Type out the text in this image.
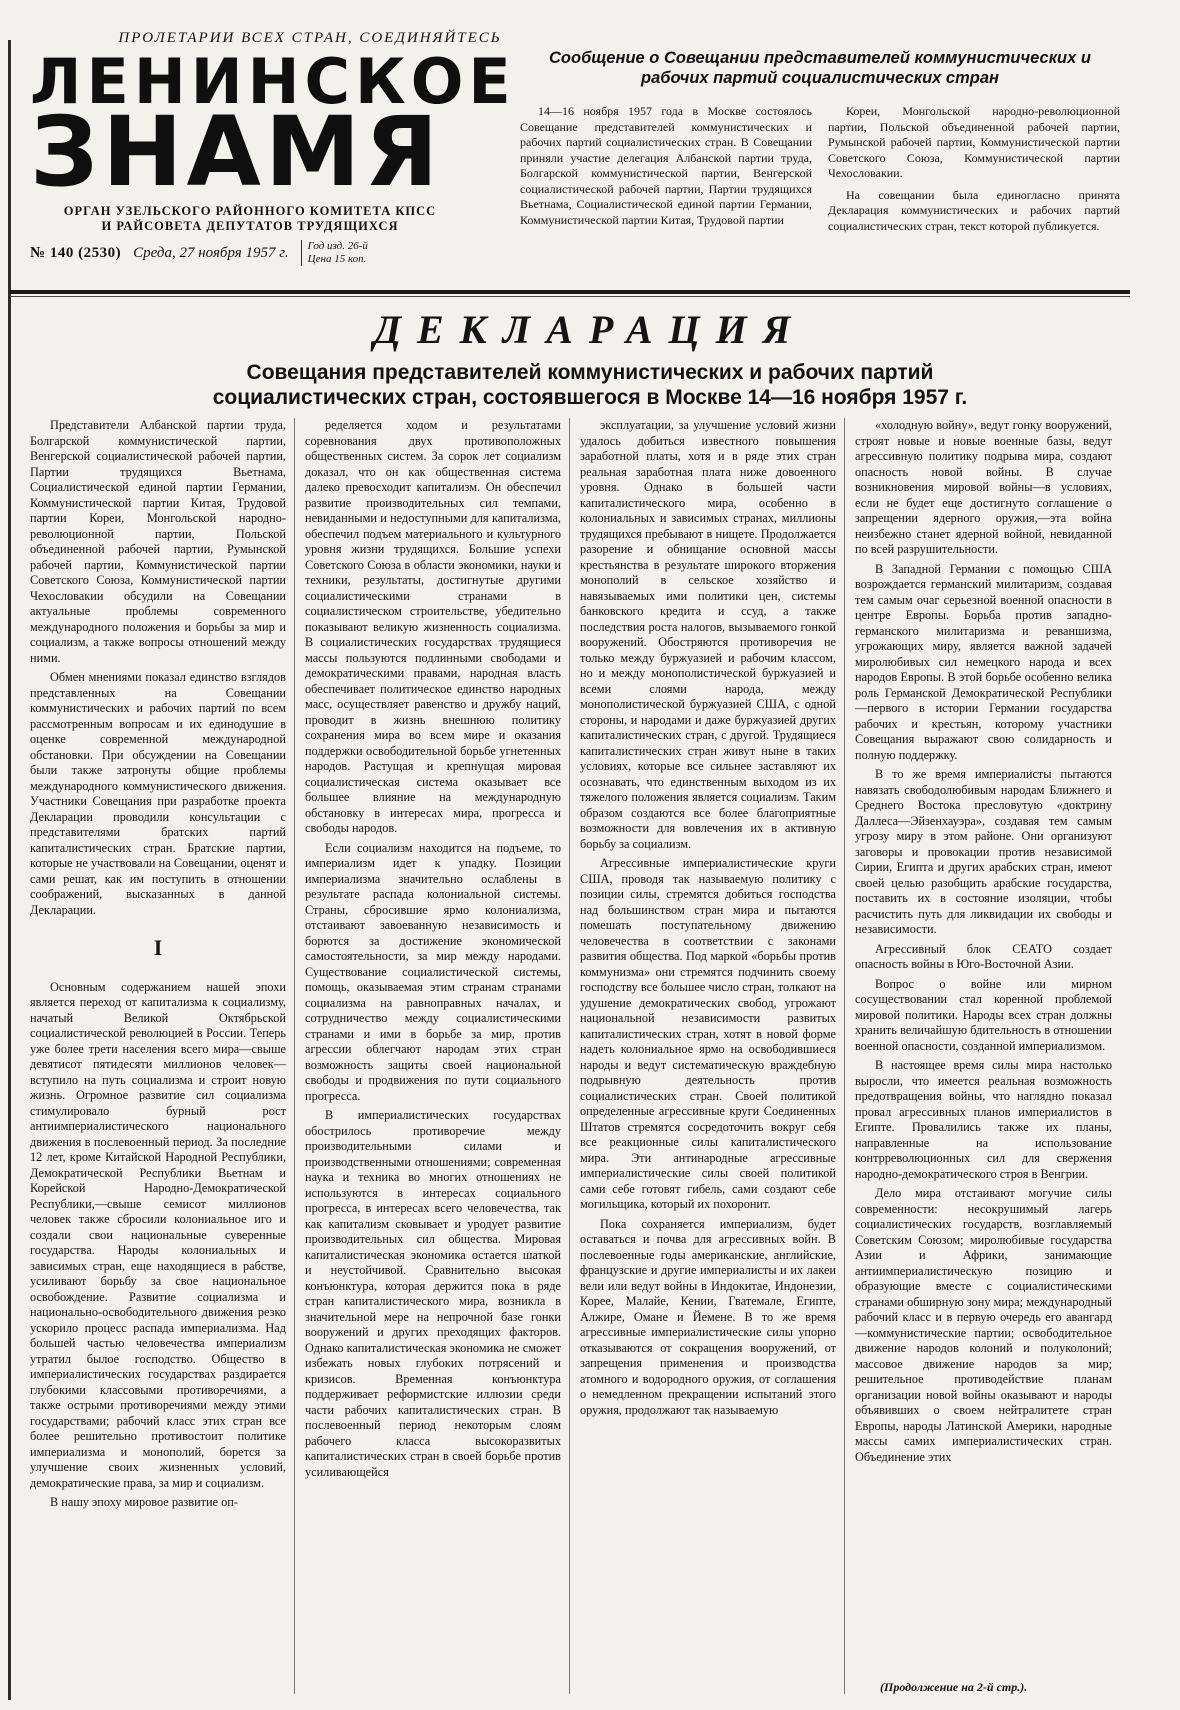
ПРОЛЕТАРИИ ВСЕХ СТРАН, СОЕДИНЯЙТЕСЬ
ЛЕНИНСКОЕ
ЗНАМЯ
ОРГАН УЗЕЛЬСКОГО РАЙОННОГО КОМИТЕТА КПСС
И РАЙСОВЕТА ДЕПУТАТОВ ТРУДЯЩИХСЯ
№ 140 (2530) Среда, 27 ноября 1957 г. Год изд. 26-й
Цена 15 коп.
Сообщение о Совещании представителей коммунистических и рабочих партий социалистических стран

14—16 ноября 1957 года в Москве состоялось Совещание представителей коммунистических и рабочих партий социалистических стран. В Совещании приняли участие делегация Албанской партии труда, Болгарской коммунистической партии, Венгерской социалистической рабочей партии, Партии трудящихся Вьетнама, Социалистической единой партии Германии, Коммунистической партии Китая, Трудовой партии

Кореи, Монгольской народно-революционной партии, Польской объединенной рабочей партии, Румынской рабочей партии, Коммунистической партии Советского Союза, Коммунистической партии Чехословакии.

На совещании была единогласно принята Декларация коммунистических и рабочих партий социалистических стран, текст которой публикуется.

ДЕКЛАРАЦИЯ
Совещания представителей коммунистических и рабочих партий социалистических стран, состоявшегося в Москве 14—16 ноября 1957 г.

Представители Албанской партии труда, Болгарской коммунистической партии, Венгерской социалистической рабочей партии, Партии трудящихся Вьетнама, Социалистической единой партии Германии, Коммунистической партии Китая, Трудовой партии Кореи, Монгольской народно-революционной партии, Польской объединенной рабочей партии, Румынской рабочей партии, Коммунистической партии Советского Союза, Коммунистической партии Чехословакии обсудили на Совещании актуальные проблемы современного международного положения и борьбы за мир и социализм, а также вопросы отношений между ними.

Обмен мнениями показал единство взглядов представленных на Совещании коммунистических и рабочих партий по всем рассмотренным вопросам и их единодушие в оценке современной международной обстановки. При обсуждении на Совещании были также затронуты общие проблемы международного коммунистического движения. Участники Совещания при разработке проекта Декларации проводили консультации с представителями братских партий капиталистических стран. Братские партии, которые не участвовали на Совещании, оценят и сами решат, как им поступить в отношении соображений, высказанных в данной Декларации.

I

Основным содержанием нашей эпохи является переход от капитализма к социализму, начатый Великой Октябрьской социалистической революцией в России. Теперь уже более трети населения всего мира—свыше девятисот пятидесяти миллионов человек—вступило на путь социализма и строит новую жизнь. Огромное развитие сил социализма стимулировало бурный рост антиимпериалистического национального движения в послевоенный период. За последние 12 лет, кроме Китайской Народной Республики, Демократической Республики Вьетнам и Корейской Народно-Демократической Республики,—свыше семисот миллионов человек также сбросили колониальное иго и создали свои национальные суверенные государства. Народы колониальных и зависимых стран, еще находящиеся в рабстве, усиливают борьбу за свое национальное освобождение. Развитие социализма и национально-освободительного движения резко ускорило процесс распада империализма. Над большей частью человечества империализм утратил былое господство. Общество в империалистических государствах раздирается глубокими классовыми противоречиями, а также острыми противоречиями между этими государствами; рабочий класс этих стран все более решительно противостоит политике империализма и монополий, борется за улучшение своих жизненных условий, демократические права, за мир и социализм.

В нашу эпоху мировое развитие оп-

ределяется ходом и результатами соревнования двух противоположных общественных систем. За сорок лет социализм доказал, что он как общественная система далеко превосходит капитализм. Он обеспечил развитие производительных сил темпами, невиданными и недоступными для капитализма, обеспечил подъем материального и культурного уровня жизни трудящихся. Большие успехи Советского Союза в области экономики, науки и техники, результаты, достигнутые другими социалистическими странами в социалистическом строительстве, убедительно показывают великую жизненность социализма. В социалистических государствах трудящиеся массы пользуются подлинными свободами и демократическими правами, народная власть обеспечивает политическое единство народных масс, осуществляет равенство и дружбу наций, проводит в жизнь внешнюю политику сохранения мира во всем мире и оказания поддержки освободительной борьбе угнетенных народов. Растущая и крепнущая мировая социалистическая система оказывает все большее влияние на международную обстановку в интересах мира, прогресса и свободы народов.

Если социализм находится на подъеме, то империализм идет к упадку. Позиции империализма значительно ослаблены в результате распада колониальной системы. Страны, сбросившие ярмо колониализма, отстаивают завоеванную независимость и борются за достижение экономической самостоятельности, за мир между народами. Существование социалистической системы, помощь, оказываемая этим странам странами социализма на равноправных началах, и сотрудничество между социалистическими странами и ими в борьбе за мир, против агрессии облегчают народам этих стран возможность защиты своей национальной свободы и продвижения по пути социального прогресса.

В империалистических государствах обострилось противоречие между производительными силами и производственными отношениями; современная наука и техника во многих отношениях не используются в интересах социального прогресса, в интересах всего человечества, так как капитализм сковывает и уродует развитие производительных сил общества. Мировая капиталистическая экономика остается шаткой и неустойчивой. Сравнительно высокая конъюнктура, которая держится пока в ряде стран капиталистического мира, возникла в значительной мере на непрочной базе гонки вооружений и других преходящих факторов. Однако капиталистическая экономика не сможет избежать новых глубоких потрясений и кризисов. Временная конъюнктура поддерживает реформистские иллюзии среди части рабочих капиталистических стран. В послевоенный период некоторым слоям рабочего класса высокоразвитых капиталистических стран в своей борьбе против усиливающейся

эксплуатации, за улучшение условий жизни удалось добиться известного повышения заработной платы, хотя и в ряде этих стран реальная заработная плата ниже довоенного уровня. Однако в большей части капиталистического мира, особенно в колониальных и зависимых странах, миллионы трудящихся пребывают в нищете. Продолжается разорение и обнищание основной массы крестьянства в результате широкого вторжения монополий в сельское хозяйство и навязываемых ими политики цен, системы банковского кредита и ссуд, а также последствия роста налогов, вызываемого гонкой вооружений. Обостряются противоречия не только между буржуазией и рабочим классом, но и между монополистической буржуазией и всеми слоями народа, между монополистической буржуазией США, с одной стороны, и народами и даже буржуазией других капиталистических стран, с другой. Трудящиеся капиталистических стран живут ныне в таких условиях, которые все сильнее заставляют их осознавать, что единственным выходом из их тяжелого положения является социализм. Таким образом создаются все более благоприятные возможности для вовлечения их в активную борьбу за социализм.

Агрессивные империалистические круги США, проводя так называемую политику с позиции силы, стремятся добиться господства над большинством стран мира и пытаются помешать поступательному движению человечества в соответствии с законами развития общества. Под маркой «борьбы против коммунизма» они стремятся подчинить своему господству все большее число стран, толкают на удушение демократических свобод, угрожают национальной независимости развитых капиталистических стран, хотят в новой форме надеть колониальное ярмо на освободившиеся народы и ведут систематическую враждебную подрывную деятельность против социалистических стран. Своей политикой определенные агрессивные круги Соединенных Штатов стремятся сосредоточить вокруг себя все реакционные силы капиталистического мира. Эти антинародные агрессивные империалистические силы своей политикой сами себе готовят гибель, сами создают себе могильщика, который их похоронит.

Пока сохраняется империализм, будет оставаться и почва для агрессивных войн. В послевоенные годы американские, английские, французские и другие империалисты и их лакеи вели или ведут войны в Индокитае, Индонезии, Корее, Малайе, Кении, Гватемале, Египте, Алжире, Омане и Йемене. В то же время агрессивные империалистические силы упорно отказываются от сокращения вооружений, от запрещения применения и производства атомного и водородного оружия, от соглашения о немедленном прекращении испытаний этого оружия, продолжают так называемую

«холодную войну», ведут гонку вооружений, строят новые и новые военные базы, ведут агрессивную политику подрыва мира, создают опасность новой войны. В случае возникновения мировой войны—в условиях, если не будет еще достигнуто соглашение о запрещении ядерного оружия,—эта война неизбежно станет ядерной войной, невиданной по всей разрушительности.

В Западной Германии с помощью США возрождается германский милитаризм, создавая тем самым очаг серьезной военной опасности в центре Европы. Борьба против западно-германского милитаризма и реваншизма, угрожающих миру, является важной задачей миролюбивых сил немецкого народа и всех народов Европы. В этой борьбе особенно велика роль Германской Демократической Республики—первого в истории Германии государства рабочих и крестьян, которому участники Совещания выражают свою солидарность и полную поддержку.

В то же время империалисты пытаются навязать свободолюбивым народам Ближнего и Среднего Востока пресловутую «доктрину Даллеса—Эйзенхауэра», создавая тем самым угрозу миру в этом районе. Они организуют заговоры и провокации против независимой Сирии, Египта и других арабских стран, имеют своей целью разобщить арабские государства, поставить их в состояние изоляции, чтобы расчистить путь для ликвидации их свободы и независимости.

Агрессивный блок СЕАТО создает опасность войны в Юго-Восточной Азии.

Вопрос о войне или мирном сосуществовании стал коренной проблемой мировой политики. Народы всех стран должны хранить величайшую бдительность в отношении военной опасности, созданной империализмом.

В настоящее время силы мира настолько выросли, что имеется реальная возможность предотвращения войны, что наглядно показал провал агрессивных планов империалистов в Египте. Провалились также их планы, направленные на использование контрреволюционных сил для свержения народно-демократического строя в Венгрии.

Дело мира отстаивают могучие силы современности: несокрушимый лагерь социалистических государств, возглавляемый Советским Союзом; миролюбивые государства Азии и Африки, занимающие антиимпериалистическую позицию и образующие вместе с социалистическими странами обширную зону мира; международный рабочий класс и в первую очередь его авангард—коммунистические партии; освободительное движение народов колоний и полуколоний; массовое движение народов за мир; решительное противодействие планам организации новой войны оказывают и народы объявивших о своем нейтралитете стран Европы, народы Латинской Америки, народные массы самих империалистических стран. Объединение этих

(Продолжение на 2-й стр.).
